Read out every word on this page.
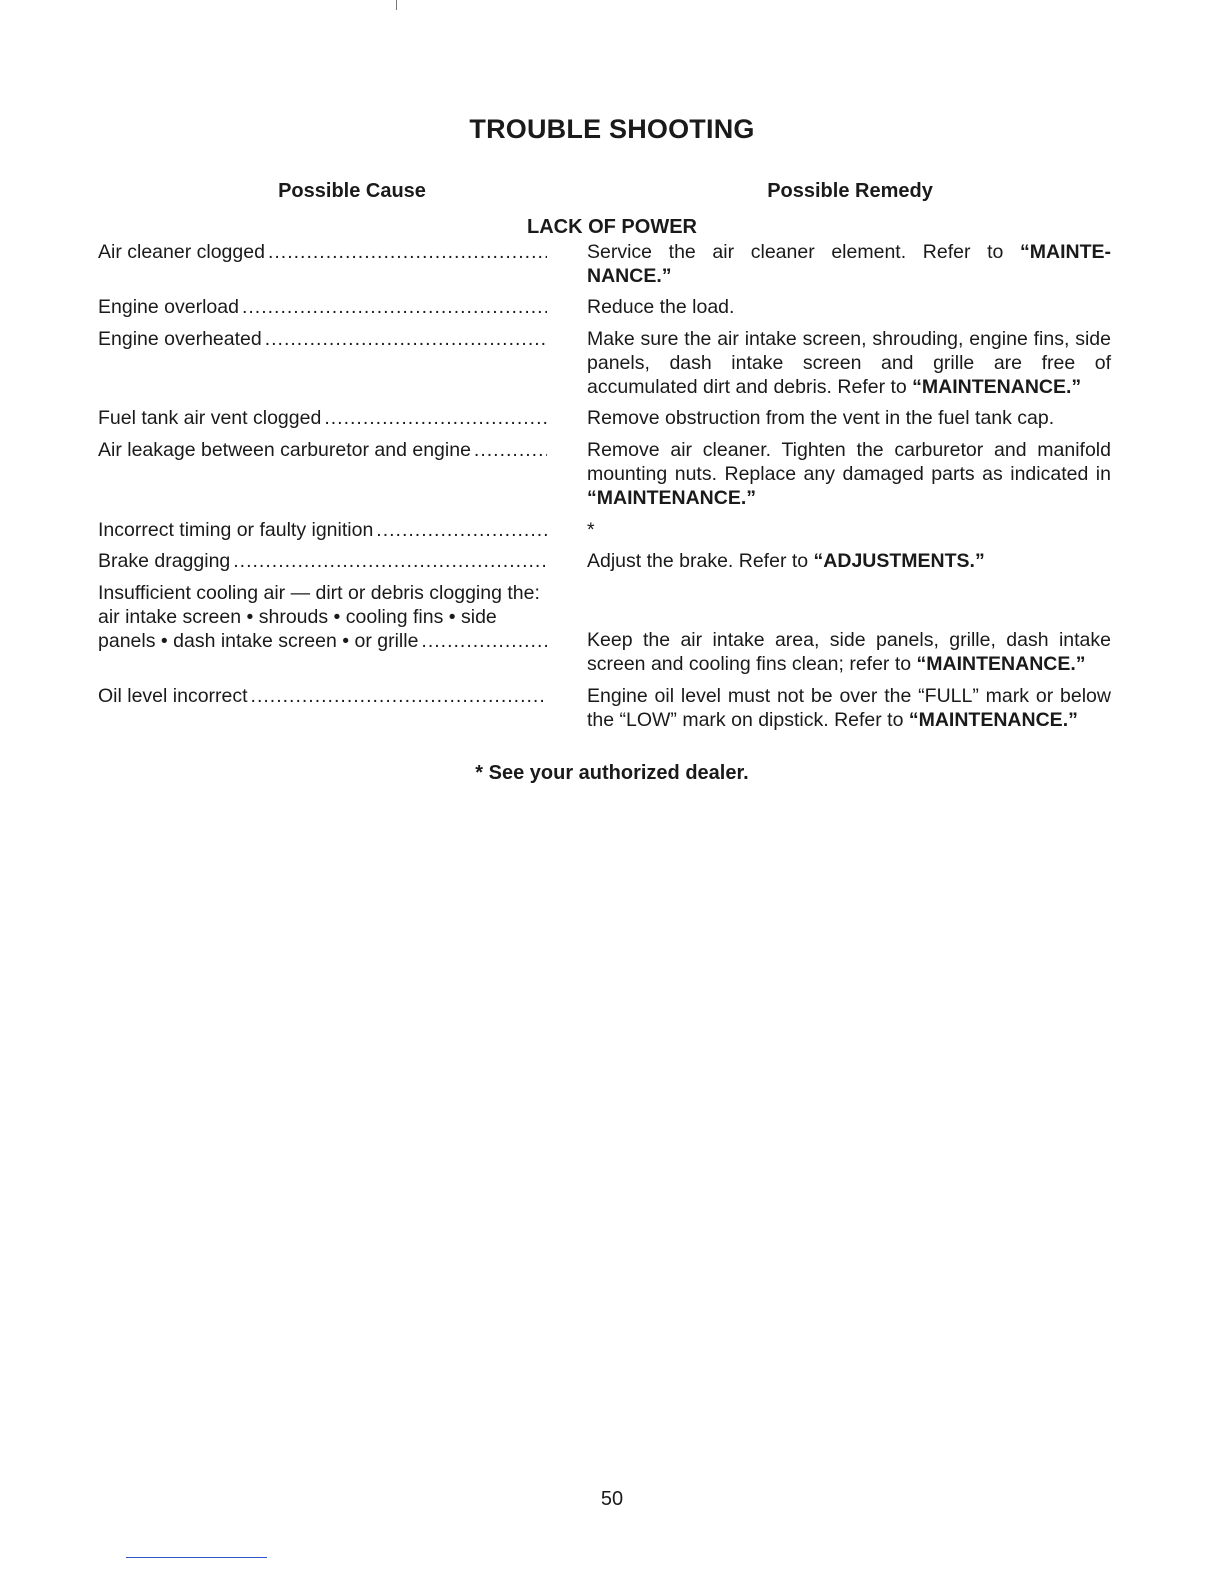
TROUBLE SHOOTING
Possible Cause	Possible Remedy
LACK OF POWER
Air cleaner clogged .....	Service the air cleaner element. Refer to “MAINTE-NANCE.”
Engine overload .....	Reduce the load.
Engine overheated .....	Make sure the air intake screen, shrouding, engine fins, side panels, dash intake screen and grille are free of accumulated dirt and debris. Refer to “MAINTENANCE.”
Fuel tank air vent clogged .....	Remove obstruction from the vent in the fuel tank cap.
Air leakage between carburetor and engine .....	Remove air cleaner. Tighten the carburetor and manifold mounting nuts. Replace any damaged parts as indicated in “MAINTENANCE.”
Incorrect timing or faulty ignition .....	*
Brake dragging .....	Adjust the brake. Refer to “ADJUSTMENTS.”
Insufficient cooling air — dirt or debris clogging the:
air intake screen • shrouds • cooling fins • side
panels • dash intake screen • or grille .....	Keep the air intake area, side panels, grille, dash intake screen and cooling fins clean; refer to “MAINTENANCE.”
Oil level incorrect .....	Engine oil level must not be over the “FULL” mark or below the “LOW” mark on dipstick. Refer to “MAINTENANCE.”
* See your authorized dealer.
50
